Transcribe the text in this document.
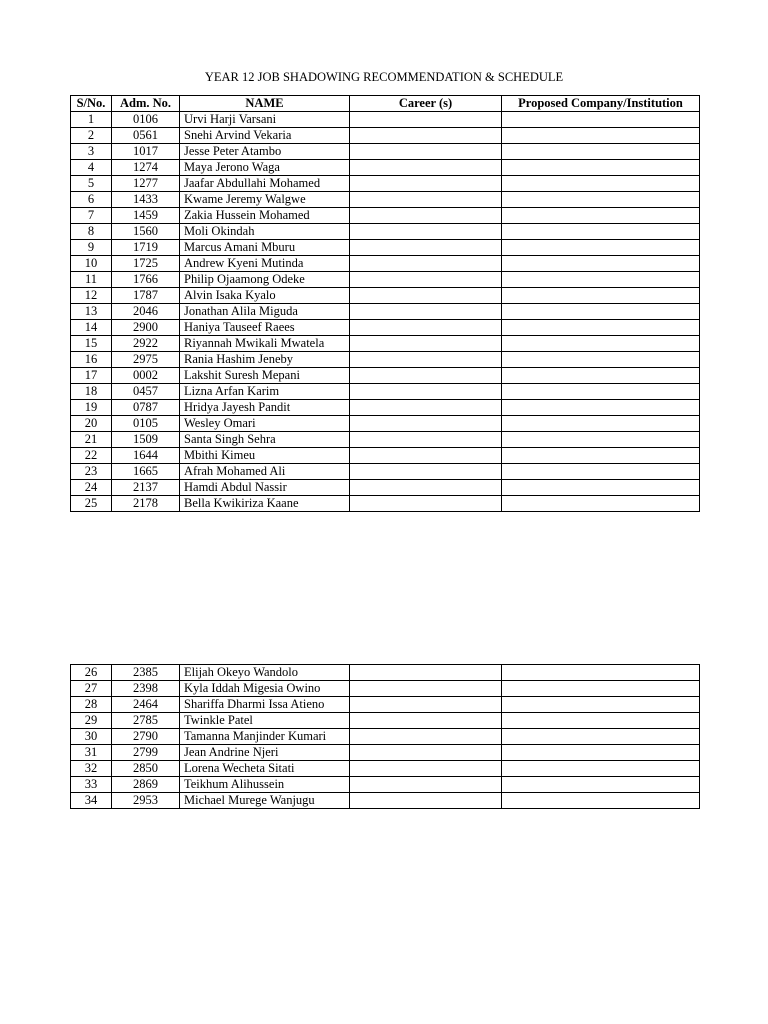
YEAR 12 JOB SHADOWING RECOMMENDATION & SCHEDULE
S/No.	Adm. No.	NAME	Career (s)	Proposed Company/Institution
1	0106	Urvi Harji Varsani		
2	0561	Snehi Arvind Vekaria		
3	1017	Jesse Peter Atambo		
4	1274	Maya Jerono Waga		
5	1277	Jaafar Abdullahi Mohamed		
6	1433	Kwame Jeremy Walgwe		
7	1459	Zakia Hussein Mohamed		
8	1560	Moli Okindah		
9	1719	Marcus Amani Mburu		
10	1725	Andrew Kyeni Mutinda		
11	1766	Philip Ojaamong Odeke		
12	1787	Alvin Isaka Kyalo		
13	2046	Jonathan Alila Miguda		
14	2900	Haniya Tauseef Raees		
15	2922	Riyannah Mwikali Mwatela		
16	2975	Rania Hashim Jeneby		
17	0002	Lakshit Suresh Mepani		
18	0457	Lizna Arfan Karim		
19	0787	Hridya Jayesh Pandit		
20	0105	Wesley Omari		
21	1509	Santa Singh Sehra		
22	1644	Mbithi Kimeu		
23	1665	Afrah Mohamed Ali		
24	2137	Hamdi Abdul Nassir		
25	2178	Bella Kwikiriza Kaane		
26	2385	Elijah Okeyo Wandolo		
27	2398	Kyla Iddah Migesia Owino		
28	2464	Shariffa Dharmi Issa Atieno		
29	2785	Twinkle Patel		
30	2790	Tamanna Manjinder Kumari		
31	2799	Jean Andrine Njeri		
32	2850	Lorena Wecheta Sitati		
33	2869	Teikhum Alihussein		
34	2953	Michael Murege Wanjugu		
